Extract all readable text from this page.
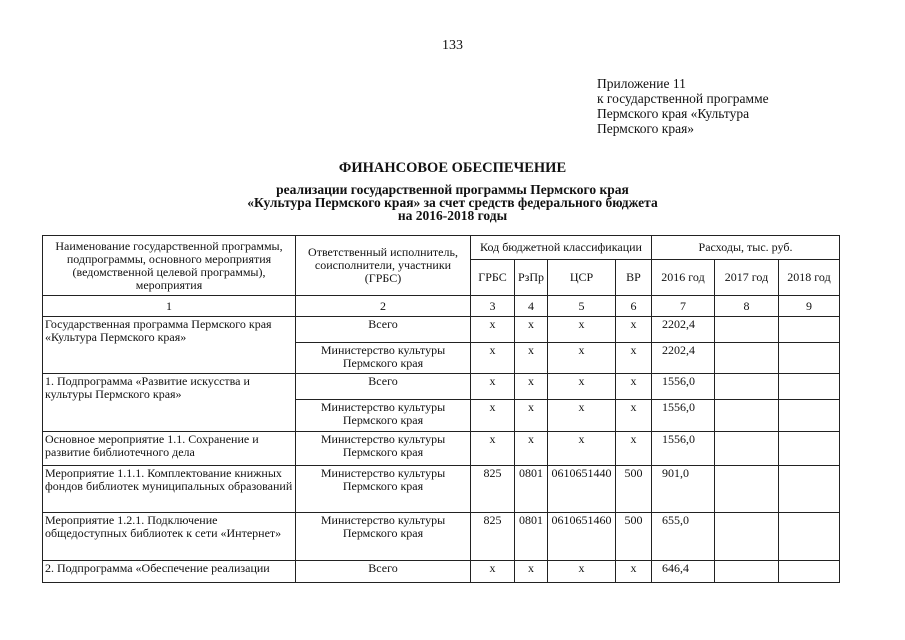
133
Приложение 11
к государственной программе
Пермского края «Культура
Пермского края»
ФИНАНСОВОЕ ОБЕСПЕЧЕНИЕ
реализации государственной программы Пермского края
«Культура Пермского края» за счет средств федерального бюджета
на 2016-2018 годы
Наименование государственной программы, подпрограммы, основного мероприятия (ведомственной целевой программы), мероприятия	Ответственный исполнитель, соисполнители, участники (ГРБС)	Код бюджетной классификации				Расходы, тыс. руб.		
		ГРБС	РзПр	ЦСР	ВР	2016 год	2017 год	2018 год
1	2	3	4	5	6	7	8	9
Государственная программа Пермского края «Культура Пермского края»	Всего	х	х	х	х	2202,4		
	Министерство культуры Пермского края	х	х	х	х	2202,4		
1. Подпрограмма «Развитие искусства и культуры Пермского края»	Всего	х	х	х	х	1556,0		
	Министерство культуры Пермского края	х	х	х	х	1556,0		
Основное мероприятие 1.1. Сохранение и развитие библиотечного дела	Министерство культуры Пермского края	х	х	х	х	1556,0		
Мероприятие 1.1.1. Комплектование книжных фондов библиотек муниципальных образований	Министерство культуры Пермского края	825	0801	0610651440	500	901,0		
Мероприятие 1.2.1. Подключение общедоступных библиотек к сети «Интернет»	Министерство культуры Пермского края	825	0801	0610651460	500	655,0		
2. Подпрограмма «Обеспечение реализации	Всего	х	х	х	х	646,4		
